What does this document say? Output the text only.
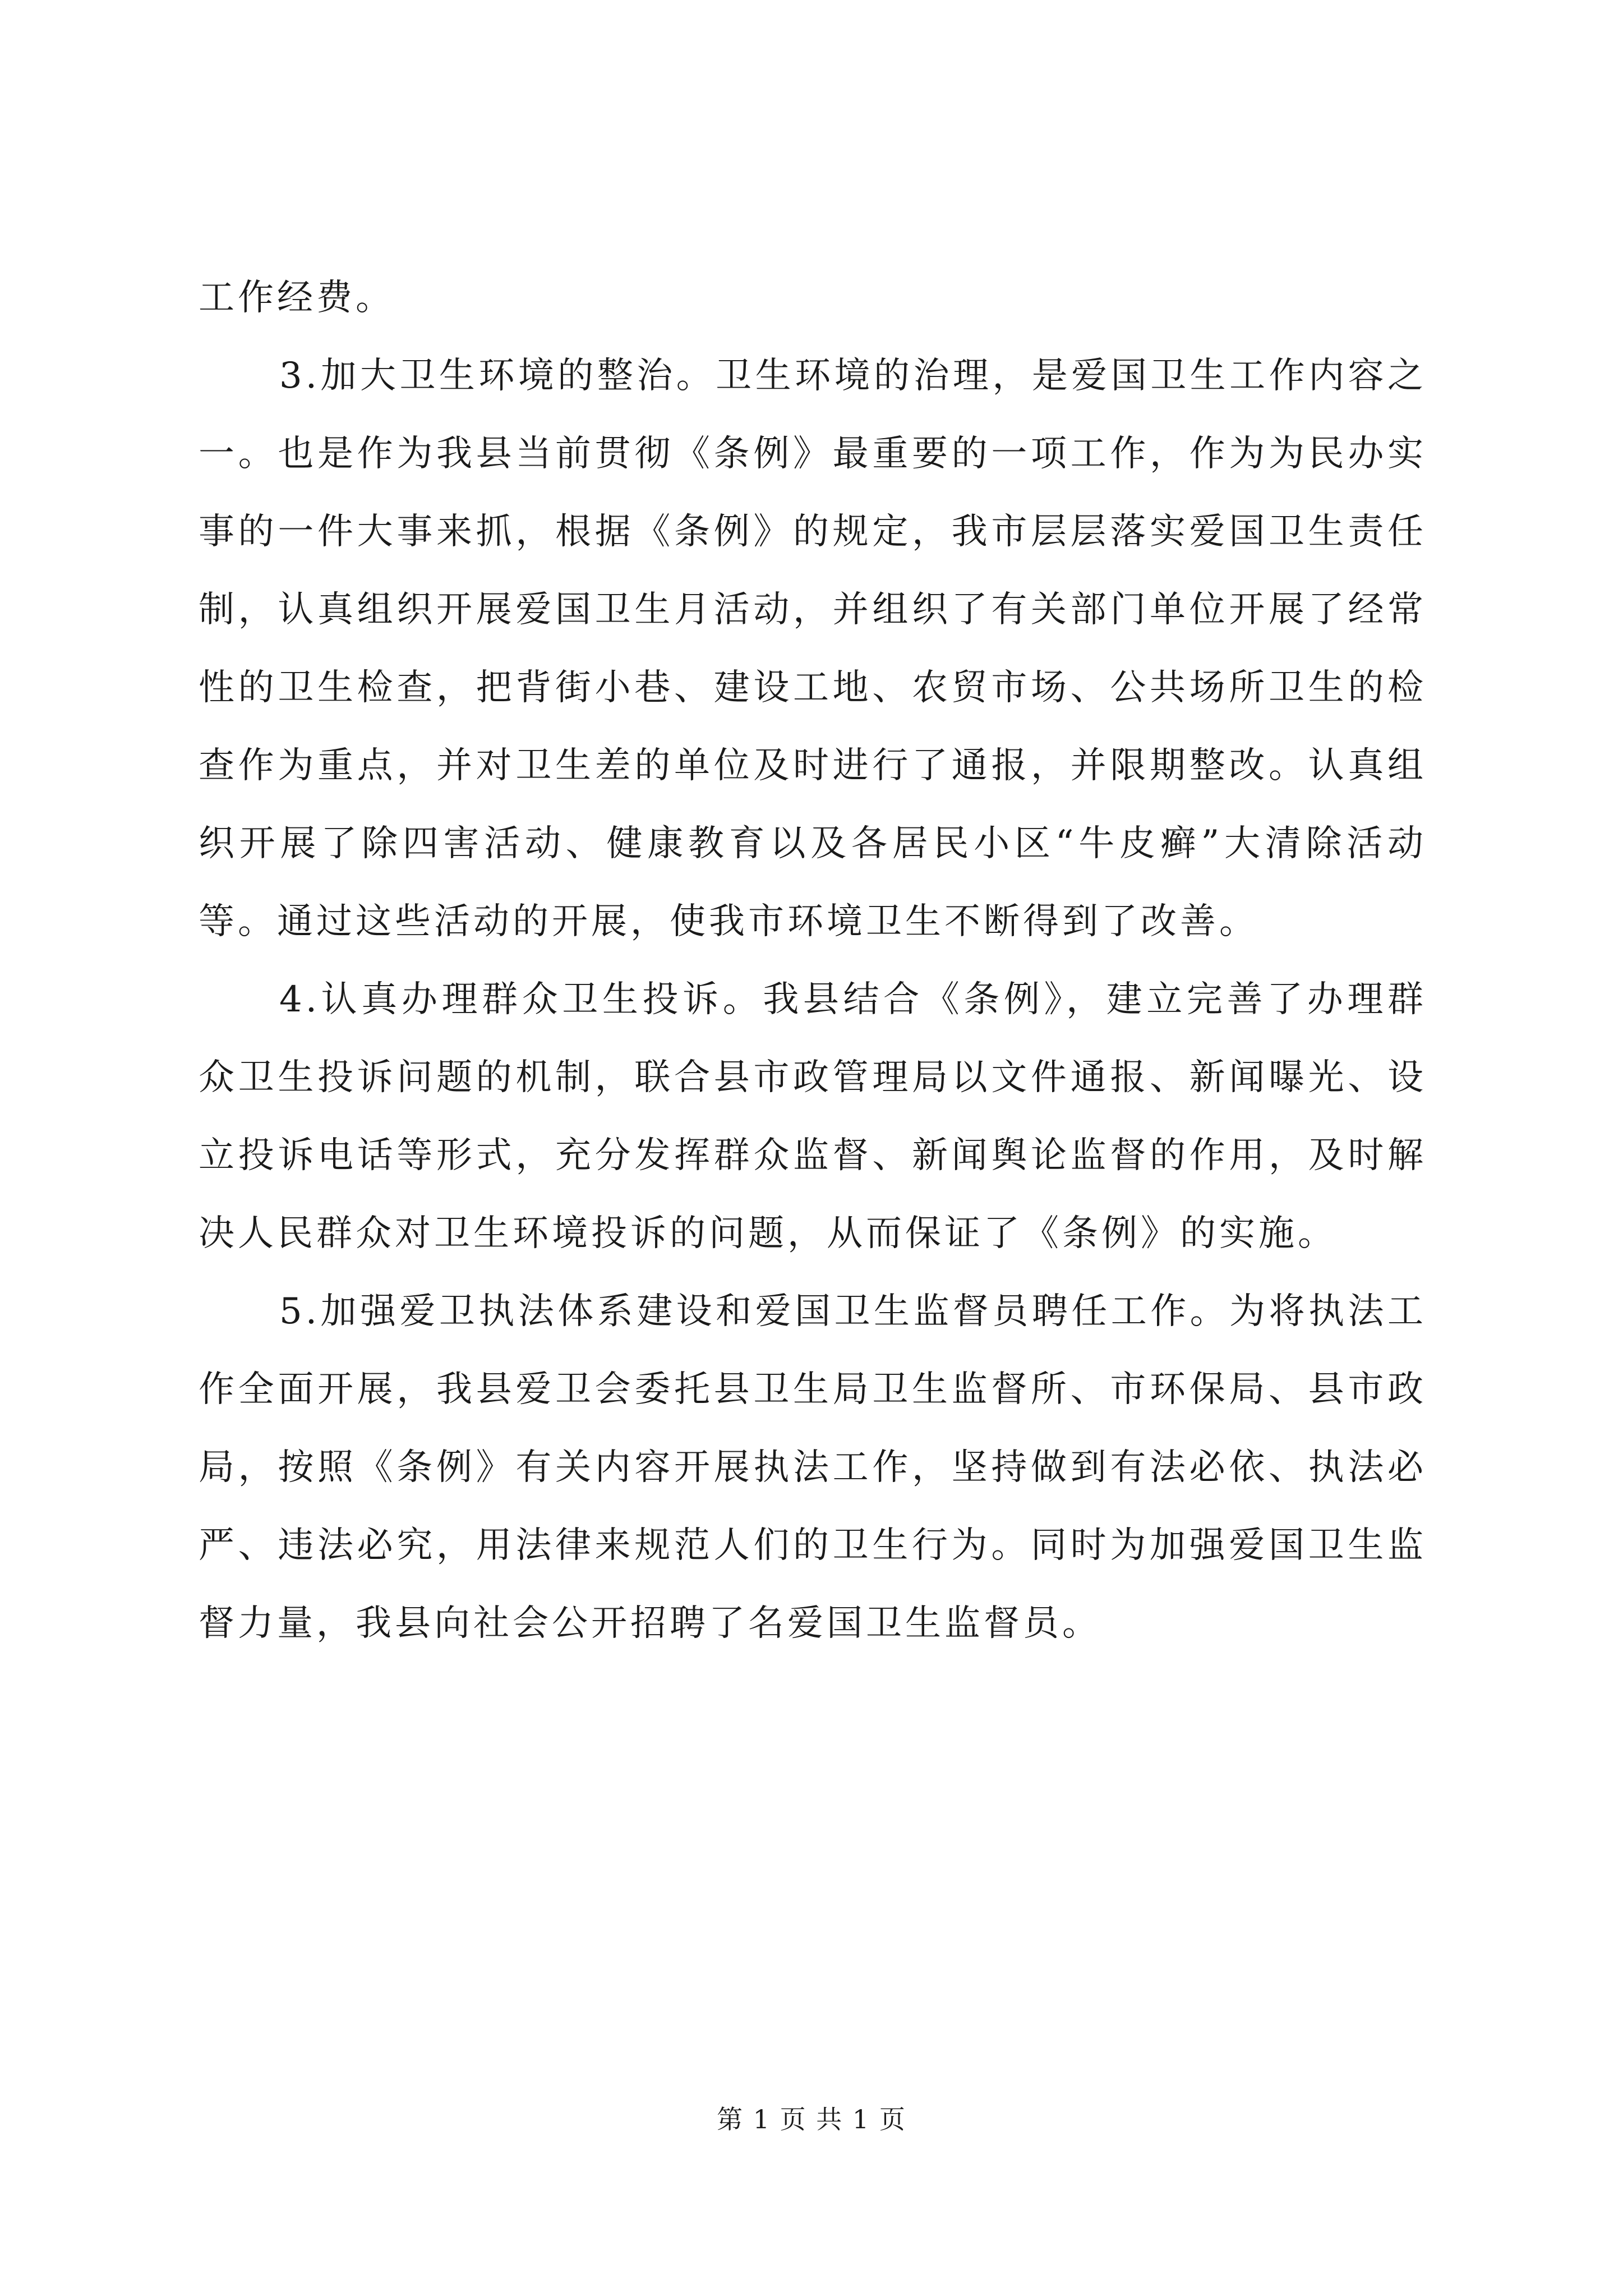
工作经费。

3.加大卫生环境的整治。卫生环境的治理，是爱国卫生工作内容之一。也是作为我县当前贯彻《条例》最重要的一项工作，作为为民办实事的一件大事来抓，根据《条例》的规定，我市层层落实爱国卫生责任制，认真组织开展爱国卫生月活动，并组织了有关部门单位开展了经常性的卫生检查，把背街小巷、建设工地、农贸市场、公共场所卫生的检查作为重点，并对卫生差的单位及时进行了通报，并限期整改。认真组织开展了除四害活动、健康教育以及各居民小区“牛皮癣”大清除活动等。通过这些活动的开展，使我市环境卫生不断得到了改善。

4.认真办理群众卫生投诉。我县结合《条例》，建立完善了办理群众卫生投诉问题的机制，联合县市政管理局以文件通报、新闻曝光、设立投诉电话等形式，充分发挥群众监督、新闻舆论监督的作用，及时解决人民群众对卫生环境投诉的问题，从而保证了《条例》的实施。

5.加强爱卫执法体系建设和爱国卫生监督员聘任工作。为将执法工作全面开展，我县爱卫会委托县卫生局卫生监督所、市环保局、县市政局，按照《条例》有关内容开展执法工作，坚持做到有法必依、执法必严、违法必究，用法律来规范人们的卫生行为。同时为加强爱国卫生监督力量，我县向社会公开招聘了名爱国卫生监督员。

第 1 页 共 1 页
